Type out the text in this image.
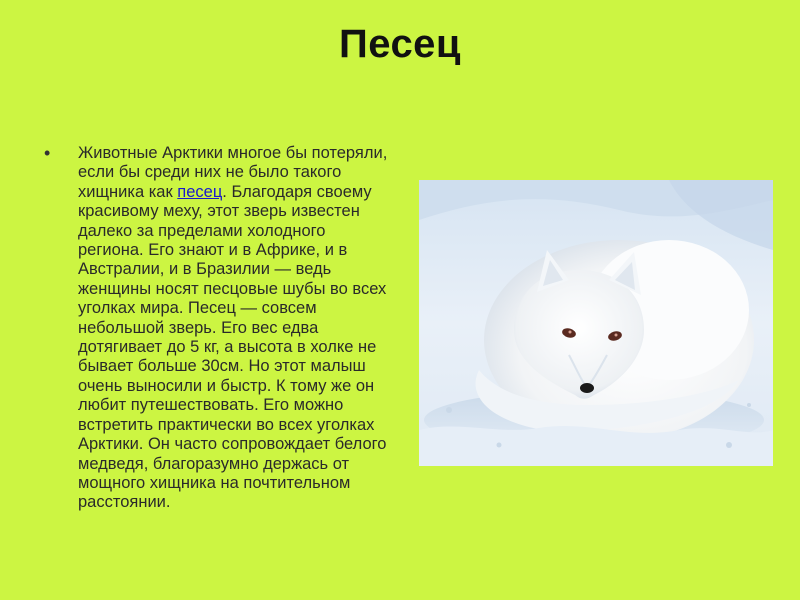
Песец
•	Животные Арктики многое бы потеряли, если бы среди них не было такого хищника как песец. Благодаря своему красивому меху, этот зверь известен далеко за пределами холодного региона. Его знают и в Африке, и в Австралии, и в Бразилии — ведь женщины носят песцовые шубы во всех уголках мира. Песец — совсем небольшой зверь. Его вес едва дотягивает до 5 кг, а высота в холке не бывает больше 30см. Но этот малыш очень выносили и быстр. К тому же он любит путешествовать. Его можно встретить практически во всех уголках Арктики. Он часто сопровождает белого медведя, благоразумно держась от мощного хищника на почтительном расстоянии.
